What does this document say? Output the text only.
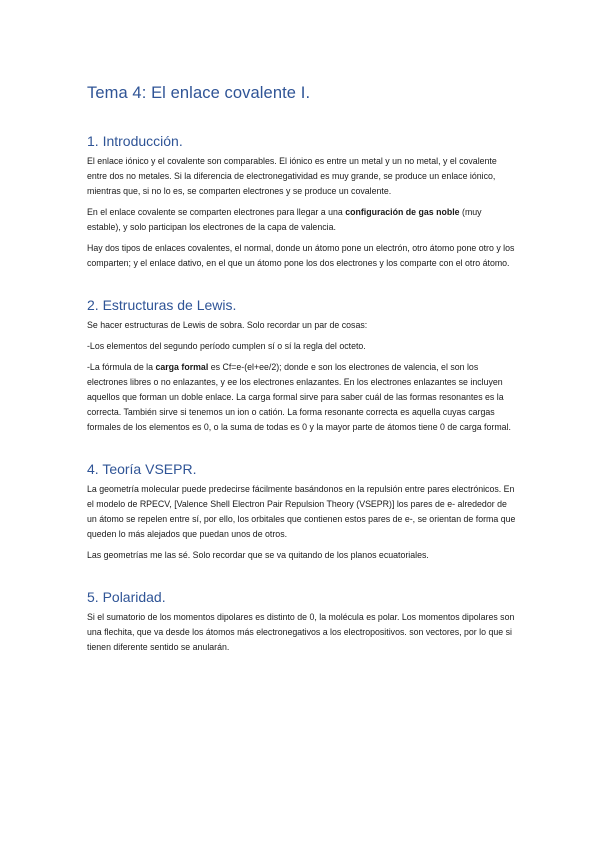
Tema 4: El enlace covalente I.
1. Introducción.

El enlace iónico y el covalente son comparables. El iónico es entre un metal y un no metal, y el covalente entre dos no metales. Si la diferencia de electronegatividad es muy grande, se produce un enlace iónico, mientras que, si no lo es, se comparten electrones y se produce un covalente.

En el enlace covalente se comparten electrones para llegar a una configuración de gas noble (muy estable), y solo participan los electrones de la capa de valencia.

Hay dos tipos de enlaces covalentes, el normal, donde un átomo pone un electrón, otro átomo pone otro y los comparten; y el enlace dativo, en el que un átomo pone los dos electrones y los comparte con el otro átomo.

2. Estructuras de Lewis.

Se hacer estructuras de Lewis de sobra. Solo recordar un par de cosas:

-Los elementos del segundo período cumplen sí o sí la regla del octeto.

-La fórmula de la carga formal es Cf=e-(el+ee/2); donde e son los electrones de valencia, el son los electrones libres o no enlazantes, y ee los electrones enlazantes. En los electrones enlazantes se incluyen aquellos que forman un doble enlace. La carga formal sirve para saber cuál de las formas resonantes es la correcta. También sirve si tenemos un ion o catión. La forma resonante correcta es aquella cuyas cargas formales de los elementos es 0, o la suma de todas es 0 y la mayor parte de átomos tiene 0 de carga formal.

4. Teoría VSEPR.

La geometría molecular puede predecirse fácilmente basándonos en la repulsión entre pares electrónicos. En el modelo de RPECV, [Valence Shell Electron Pair Repulsion Theory (VSEPR)] los pares de e- alrededor de un átomo se repelen entre sí, por ello, los orbitales que contienen estos pares de e-, se orientan de forma que queden lo más alejados que puedan unos de otros.

Las geometrías me las sé. Solo recordar que se va quitando de los planos ecuatoriales.

5. Polaridad.

Si el sumatorio de los momentos dipolares es distinto de 0, la molécula es polar. Los momentos dipolares son una flechita, que va desde los átomos más electronegativos a los electropositivos. son vectores, por lo que si tienen diferente sentido se anularán.
